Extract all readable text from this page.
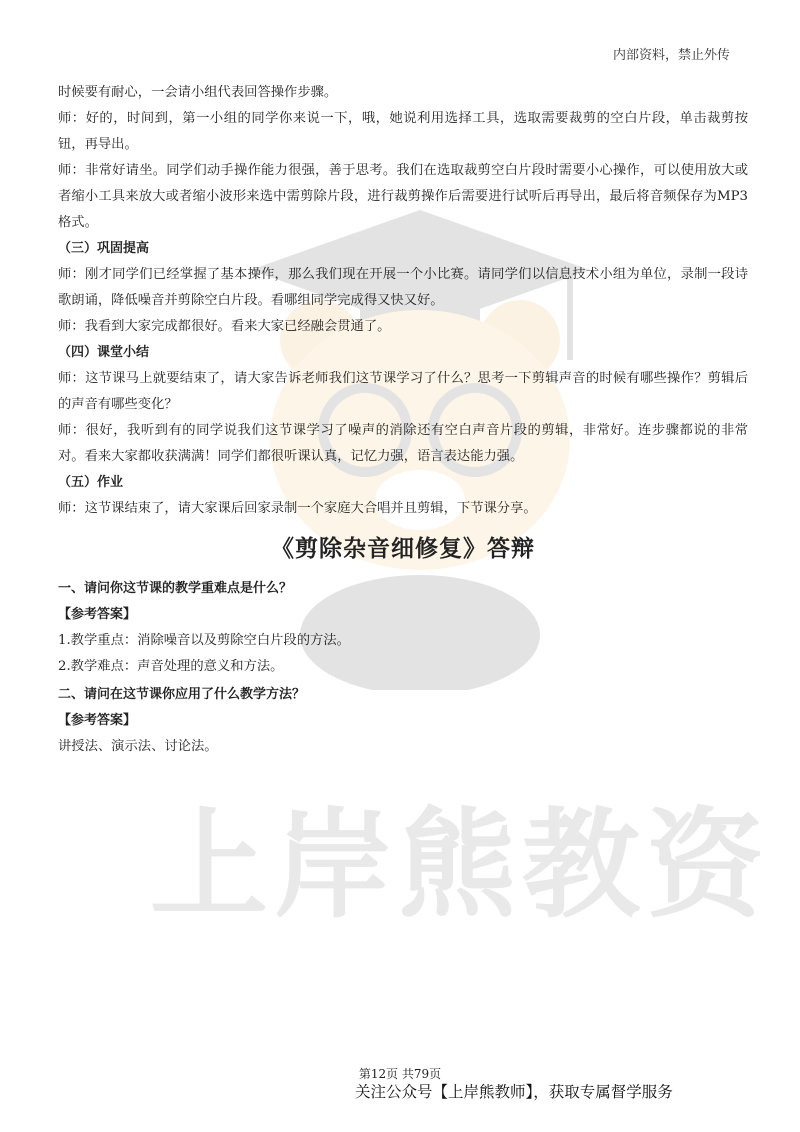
上岸熊教资
内部资料，禁止外传

时候要有耐心，一会请小组代表回答操作步骤。

师：好的，时间到，第一小组的同学你来说一下，哦，她说利用选择工具，选取需要裁剪的空白片段，单击裁剪按钮，再导出。

师：非常好请坐。同学们动手操作能力很强，善于思考。我们在选取裁剪空白片段时需要小心操作，可以使用放大或者缩小工具来放大或者缩小波形来选中需剪除片段，进行裁剪操作后需要进行试听后再导出，最后将音频保存为MP3格式。

（三）巩固提高

师：刚才同学们已经掌握了基本操作，那么我们现在开展一个小比赛。请同学们以信息技术小组为单位，录制一段诗歌朗诵，降低噪音并剪除空白片段。看哪组同学完成得又快又好。

师：我看到大家完成都很好。看来大家已经融会贯通了。

（四）课堂小结

师：这节课马上就要结束了，请大家告诉老师我们这节课学习了什么？思考一下剪辑声音的时候有哪些操作？剪辑后的声音有哪些变化？

师：很好，我听到有的同学说我们这节课学习了噪声的消除还有空白声音片段的剪辑，非常好。连步骤都说的非常对。看来大家都收获满满！同学们都很听课认真，记忆力强，语言表达能力强。

（五）作业

师：这节课结束了，请大家课后回家录制一个家庭大合唱并且剪辑，下节课分享。

《剪除杂音细修复》答辩

一、请问你这节课的教学重难点是什么？

【参考答案】

1.教学重点：消除噪音以及剪除空白片段的方法。

2.教学难点：声音处理的意义和方法。

二、请问在这节课你应用了什么教学方法？

【参考答案】

讲授法、演示法、讨论法。

第12页 共79页
关注公众号【上岸熊教师】，获取专属督学服务
